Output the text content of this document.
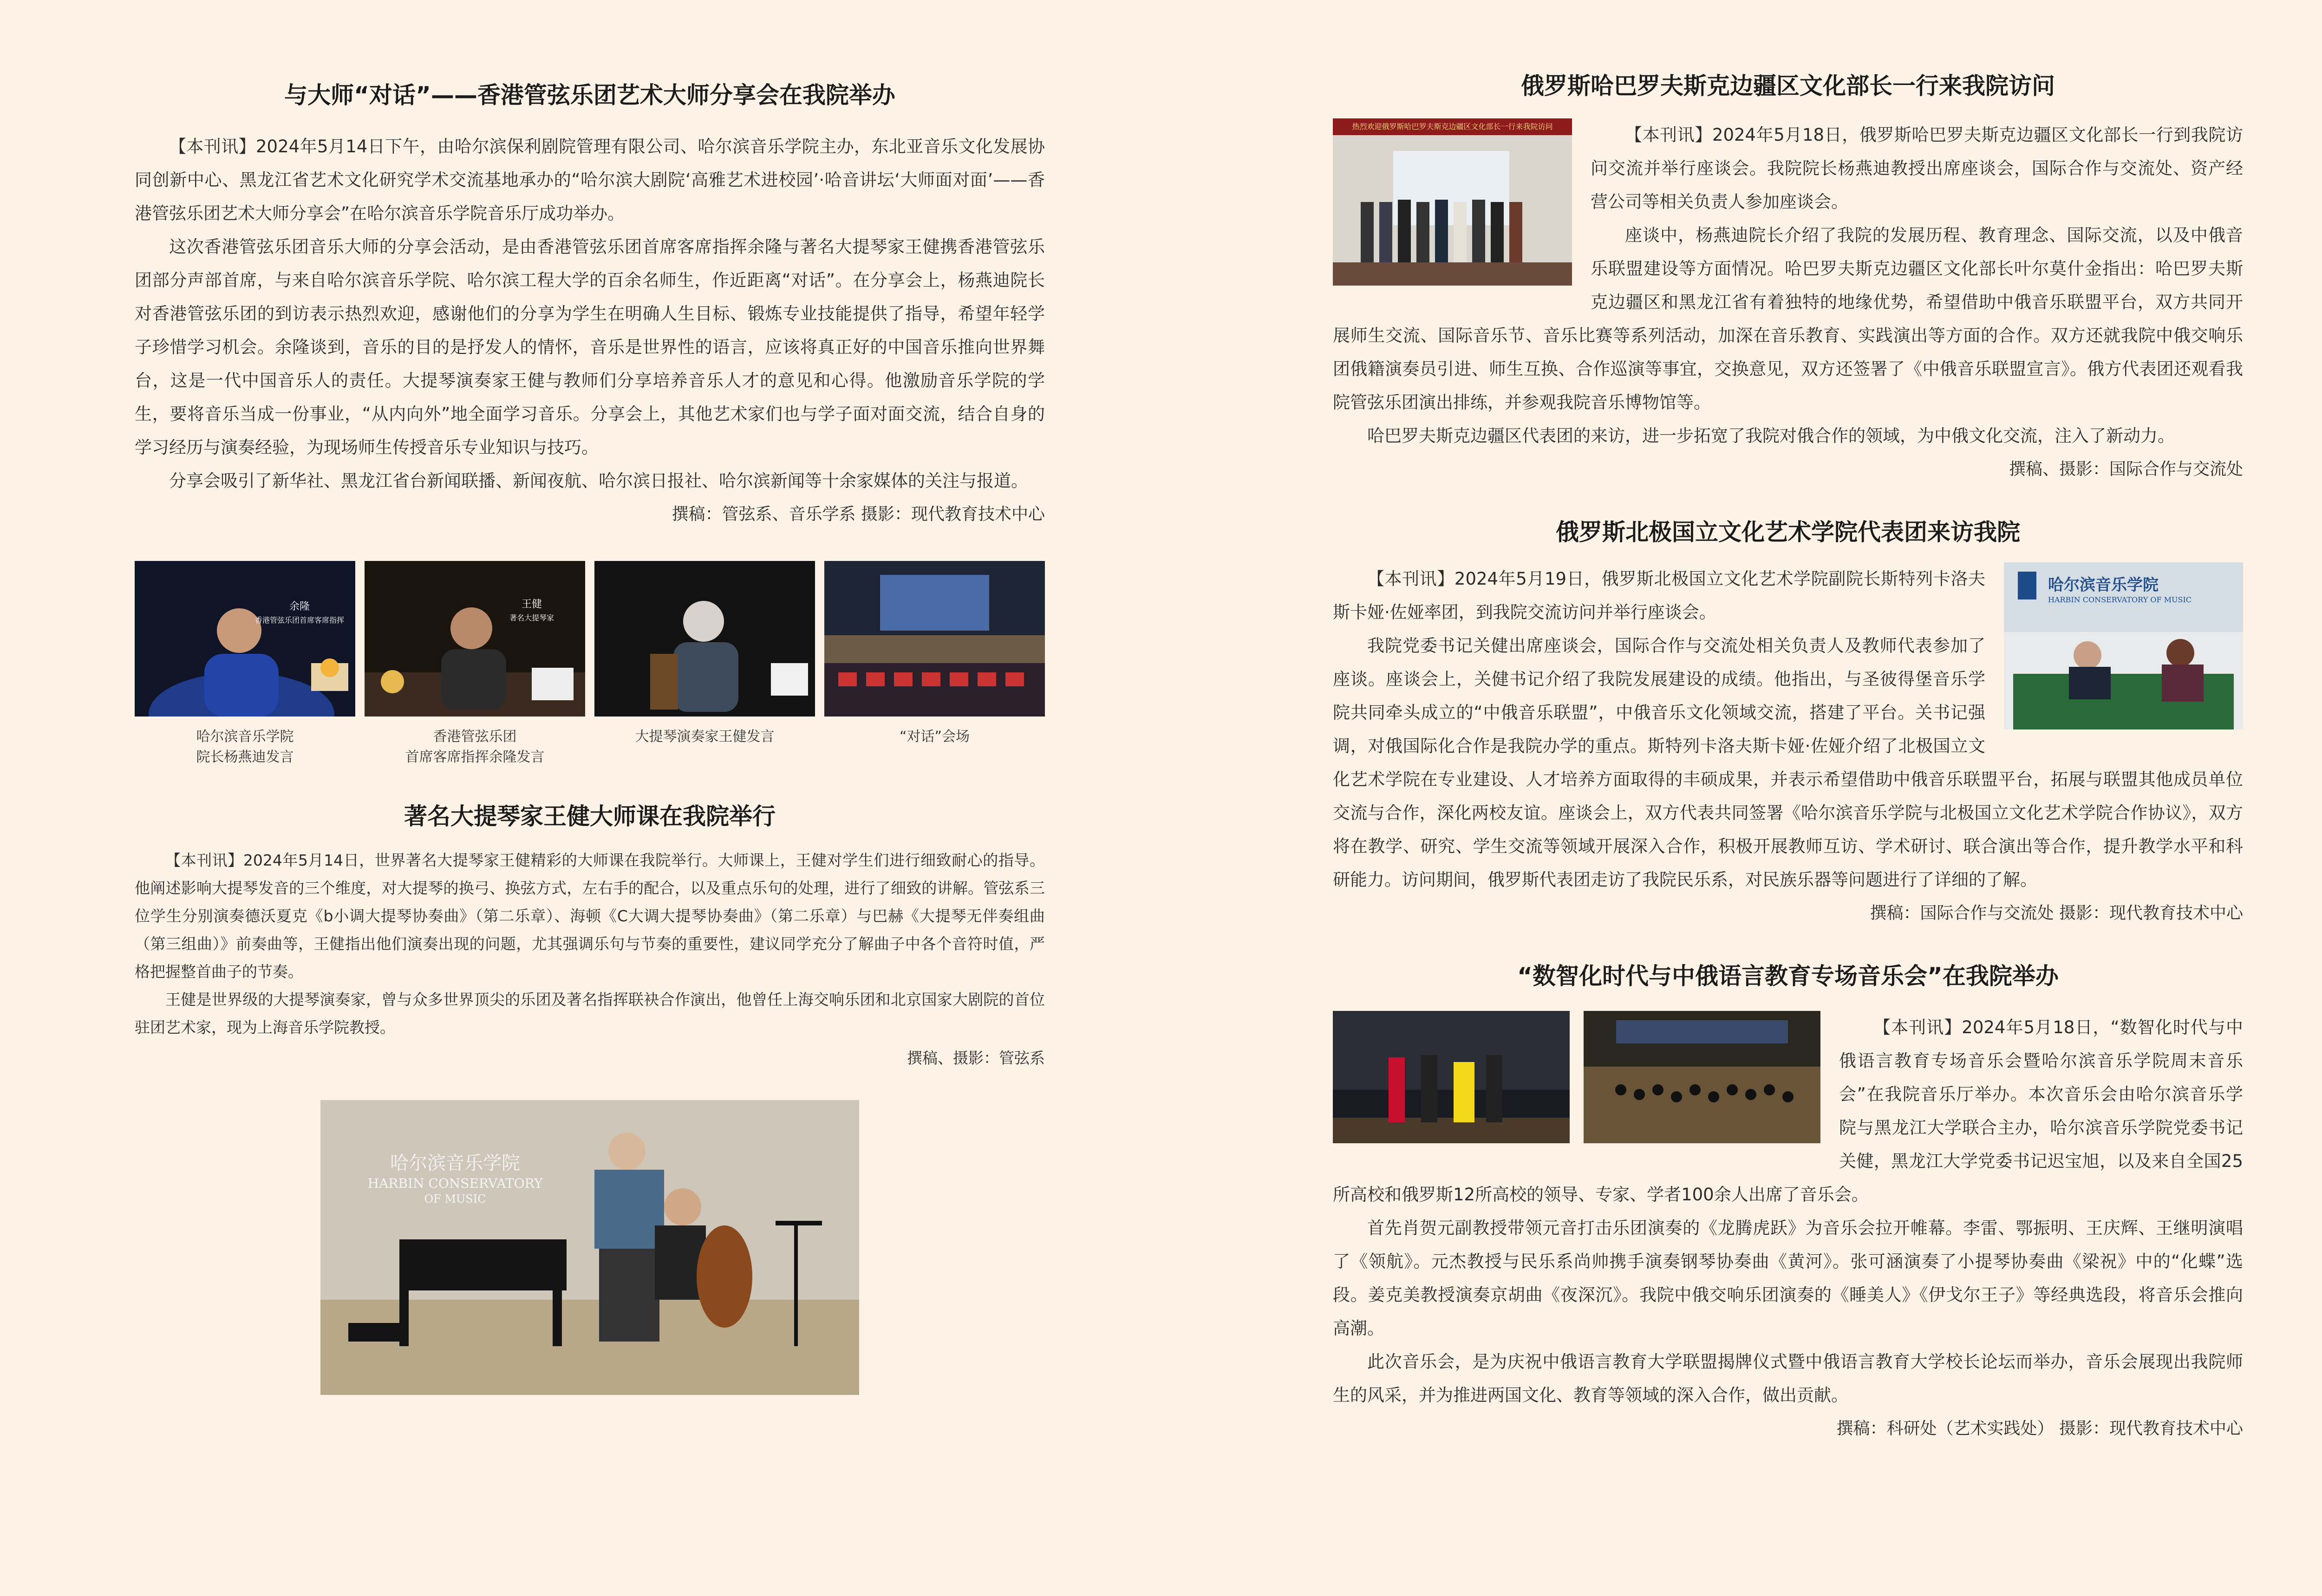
与大师“对话”——香港管弦乐团艺术大师分享会在我院举办

【本刊讯】2024年5月14日下午，由哈尔滨保利剧院管理有限公司、哈尔滨音乐学院主办，东北亚音乐文化发展协同创新中心、黑龙江省艺术文化研究学术交流基地承办的“哈尔滨大剧院‘高雅艺术进校园’·哈音讲坛‘大师面对面’——香港管弦乐团艺术大师分享会”在哈尔滨音乐学院音乐厅成功举办。

这次香港管弦乐团音乐大师的分享会活动，是由香港管弦乐团首席客席指挥余隆与著名大提琴家王健携香港管弦乐团部分声部首席，与来自哈尔滨音乐学院、哈尔滨工程大学的百余名师生，作近距离“对话”。在分享会上，杨燕迪院长对香港管弦乐团的到访表示热烈欢迎，感谢他们的分享为学生在明确人生目标、锻炼专业技能提供了指导，希望年轻学子珍惜学习机会。余隆谈到，音乐的目的是抒发人的情怀，音乐是世界性的语言，应该将真正好的中国音乐推向世界舞台，这是一代中国音乐人的责任。大提琴演奏家王健与教师们分享培养音乐人才的意见和心得。他激励音乐学院的学生，要将音乐当成一份事业，“从内向外”地全面学习音乐。分享会上，其他艺术家们也与学子面对面交流，结合自身的学习经历与演奏经验，为现场师生传授音乐专业知识与技巧。

分享会吸引了新华社、黑龙江省台新闻联播、新闻夜航、哈尔滨日报社、哈尔滨新闻等十余家媒体的关注与报道。

撰稿：管弦系、音乐学系 摄影：现代教育技术中心

余隆
香港管弦乐团首席客席指挥
哈尔滨音乐学院
院长杨燕迪发言
王健
著名大提琴家
香港管弦乐团
首席客席指挥余隆发言
大提琴演奏家王健发言	“对话”会场
著名大提琴家王健大师课在我院举行

【本刊讯】2024年5月14日，世界著名大提琴家王健精彩的大师课在我院举行。大师课上，王健对学生们进行细致耐心的指导。他阐述影响大提琴发音的三个维度，对大提琴的换弓、换弦方式，左右手的配合，以及重点乐句的处理，进行了细致的讲解。管弦系三位学生分别演奏德沃夏克《b小调大提琴协奏曲》（第二乐章）、海顿《C大调大提琴协奏曲》（第二乐章）与巴赫《大提琴无伴奏组曲（第三组曲）》前奏曲等，王健指出他们演奏出现的问题，尤其强调乐句与节奏的重要性，建议同学充分了解曲子中各个音符时值，严格把握整首曲子的节奏。

王健是世界级的大提琴演奏家，曾与众多世界顶尖的乐团及著名指挥联袂合作演出，他曾任上海交响乐团和北京国家大剧院的首位驻团艺术家，现为上海音乐学院教授。

撰稿、摄影：管弦系

哈尔滨音乐学院
HARBIN CONSERVATORY
OF MUSIC
俄罗斯哈巴罗夫斯克边疆区文化部长一行来我院访问
热烈欢迎俄罗斯哈巴罗夫斯克边疆区文化部长一行来我院访问	【本刊讯】2024年5月18日，俄罗斯哈巴罗夫斯克边疆区文化部长一行到我院访问交流并举行座谈会。我院院长杨燕迪教授出席座谈会，国际合作与交流处、资产经营公司等相关负责人参加座谈会。

座谈中，杨燕迪院长介绍了我院的发展历程、教育理念、国际交流，以及中俄音乐联盟建设等方面情况。哈巴罗夫斯克边疆区文化部长叶尔莫什金指出：哈巴罗夫斯克边疆区和黑龙江省有着独特的地缘优势，希望借助中俄音乐联盟平台，双方共同开展师生交流、国际音乐节、音乐比赛等系列活动，加深在音乐教育、实践演出等方面的合作。双方还就我院中俄交响乐团俄籍演奏员引进、师生互换、合作巡演等事宜，交换意见，双方还签署了《中俄音乐联盟宣言》。俄方代表团还观看我院管弦乐团演出排练，并参观我院音乐博物馆等。

哈巴罗夫斯克边疆区代表团的来访，进一步拓宽了我院对俄合作的领域，为中俄文化交流，注入了新动力。

撰稿、摄影：国际合作与交流处

俄罗斯北极国立文化艺术学院代表团来访我院
哈尔滨音乐学院
HARBIN CONSERVATORY OF MUSIC

【本刊讯】2024年5月19日，俄罗斯北极国立文化艺术学院副院长斯特列卡洛夫斯卡娅·佐娅率团，到我院交流访问并举行座谈会。

我院党委书记关健出席座谈会，国际合作与交流处相关负责人及教师代表参加了座谈。座谈会上，关健书记介绍了我院发展建设的成绩。他指出，与圣彼得堡音乐学院共同牵头成立的“中俄音乐联盟”，中俄音乐文化领域交流，搭建了平台。关书记强调，对俄国际化合作是我院办学的重点。斯特列卡洛夫斯卡娅·佐娅介绍了北极国立文化艺术学院在专业建设、人才培养方面取得的丰硕成果，并表示希望借助中俄音乐联盟平台，拓展与联盟其他成员单位交流与合作，深化两校友谊。座谈会上，双方代表共同签署《哈尔滨音乐学院与北极国立文化艺术学院合作协议》，双方将在教学、研究、学生交流等领域开展深入合作，积极开展教师互访、学术研讨、联合演出等合作，提升教学水平和科研能力。访问期间，俄罗斯代表团走访了我院民乐系，对民族乐器等问题进行了详细的了解。

撰稿：国际合作与交流处 摄影：现代教育技术中心

“数智化时代与中俄语言教育专场音乐会”在我院举办

【本刊讯】2024年5月18日，“数智化时代与中俄语言教育专场音乐会暨哈尔滨音乐学院周末音乐会”在我院音乐厅举办。本次音乐会由哈尔滨音乐学院与黑龙江大学联合主办，哈尔滨音乐学院党委书记关健，黑龙江大学党委书记迟宝旭，以及来自全国25所高校和俄罗斯12所高校的领导、专家、学者100余人出席了音乐会。

首先肖贺元副教授带领元音打击乐团演奏的《龙腾虎跃》为音乐会拉开帷幕。李雷、鄂振明、王庆辉、王继明演唱了《领航》。元杰教授与民乐系尚帅携手演奏钢琴协奏曲《黄河》。张可涵演奏了小提琴协奏曲《梁祝》中的“化蝶”选段。姜克美教授演奏京胡曲《夜深沉》。我院中俄交响乐团演奏的《睡美人》《伊戈尔王子》等经典选段，将音乐会推向高潮。

此次音乐会，是为庆祝中俄语言教育大学联盟揭牌仪式暨中俄语言教育大学校长论坛而举办，音乐会展现出我院师生的风采，并为推进两国文化、教育等领域的深入合作，做出贡献。

撰稿：科研处（艺术实践处） 摄影：现代教育技术中心
